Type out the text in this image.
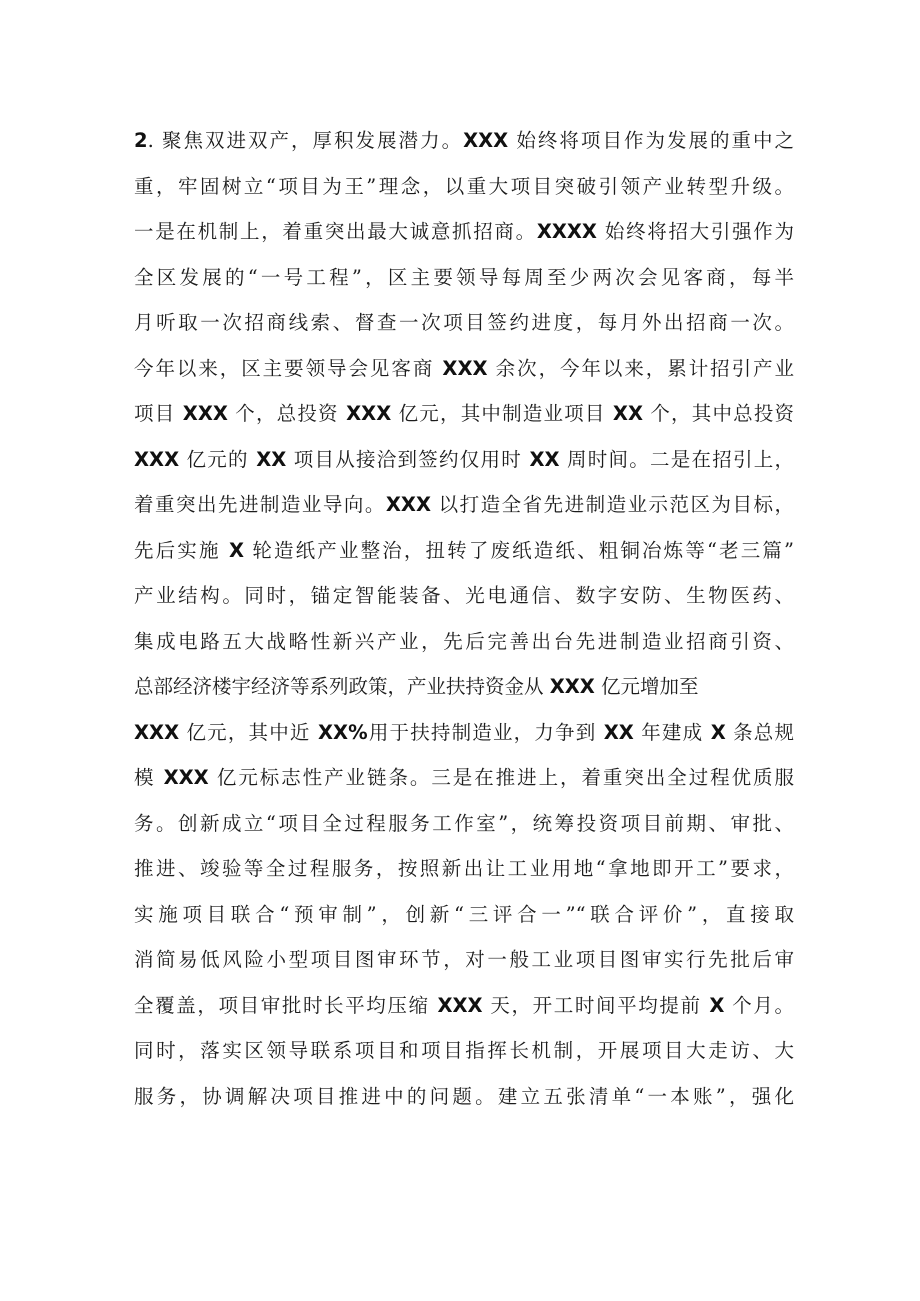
2. 聚焦双进双产，厚积发展潜力。XXX 始终将项目作为发展的重中之
重，牢固树立“项目为王”理念，以重大项目突破引领产业转型升级。
一是在机制上，着重突出最大诚意抓招商。XXXX 始终将招大引强作为
全区发展的“一号工程”，区主要领导每周至少两次会见客商，每半
月听取一次招商线索、督查一次项目签约进度，每月外出招商一次。
今年以来，区主要领导会见客商 XXX 余次，今年以来，累计招引产业
项目 XXX 个，总投资 XXX 亿元，其中制造业项目 XX 个，其中总投资
XXX 亿元的 XX 项目从接洽到签约仅用时 XX 周时间。二是在招引上，
着重突出先进制造业导向。XXX 以打造全省先进制造业示范区为目标，
先后实施 X 轮造纸产业整治，扭转了废纸造纸、粗铜冶炼等“老三篇”
产业结构。同时，锚定智能装备、光电通信、数字安防、生物医药、
集成电路五大战略性新兴产业，先后完善出台先进制造业招商引资、
总部经济楼宇经济等系列政策，产业扶持资金从 XXX 亿元增加至
XXX 亿元，其中近 XX%用于扶持制造业，力争到 XX 年建成 X 条总规
模 XXX 亿元标志性产业链条。三是在推进上，着重突出全过程优质服
务。创新成立“项目全过程服务工作室”，统筹投资项目前期、审批、
推进、竣验等全过程服务，按照新出让工业用地“拿地即开工”要求，
实施项目联合“预审制”，创新“三评合一”“联合评价”，直接取
消简易低风险小型项目图审环节，对一般工业项目图审实行先批后审
全覆盖，项目审批时长平均压缩 XXX 天，开工时间平均提前 X 个月。
同时，落实区领导联系项目和项目指挥长机制，开展项目大走访、大
服务，协调解决项目推进中的问题。建立五张清单“一本账”，强化
